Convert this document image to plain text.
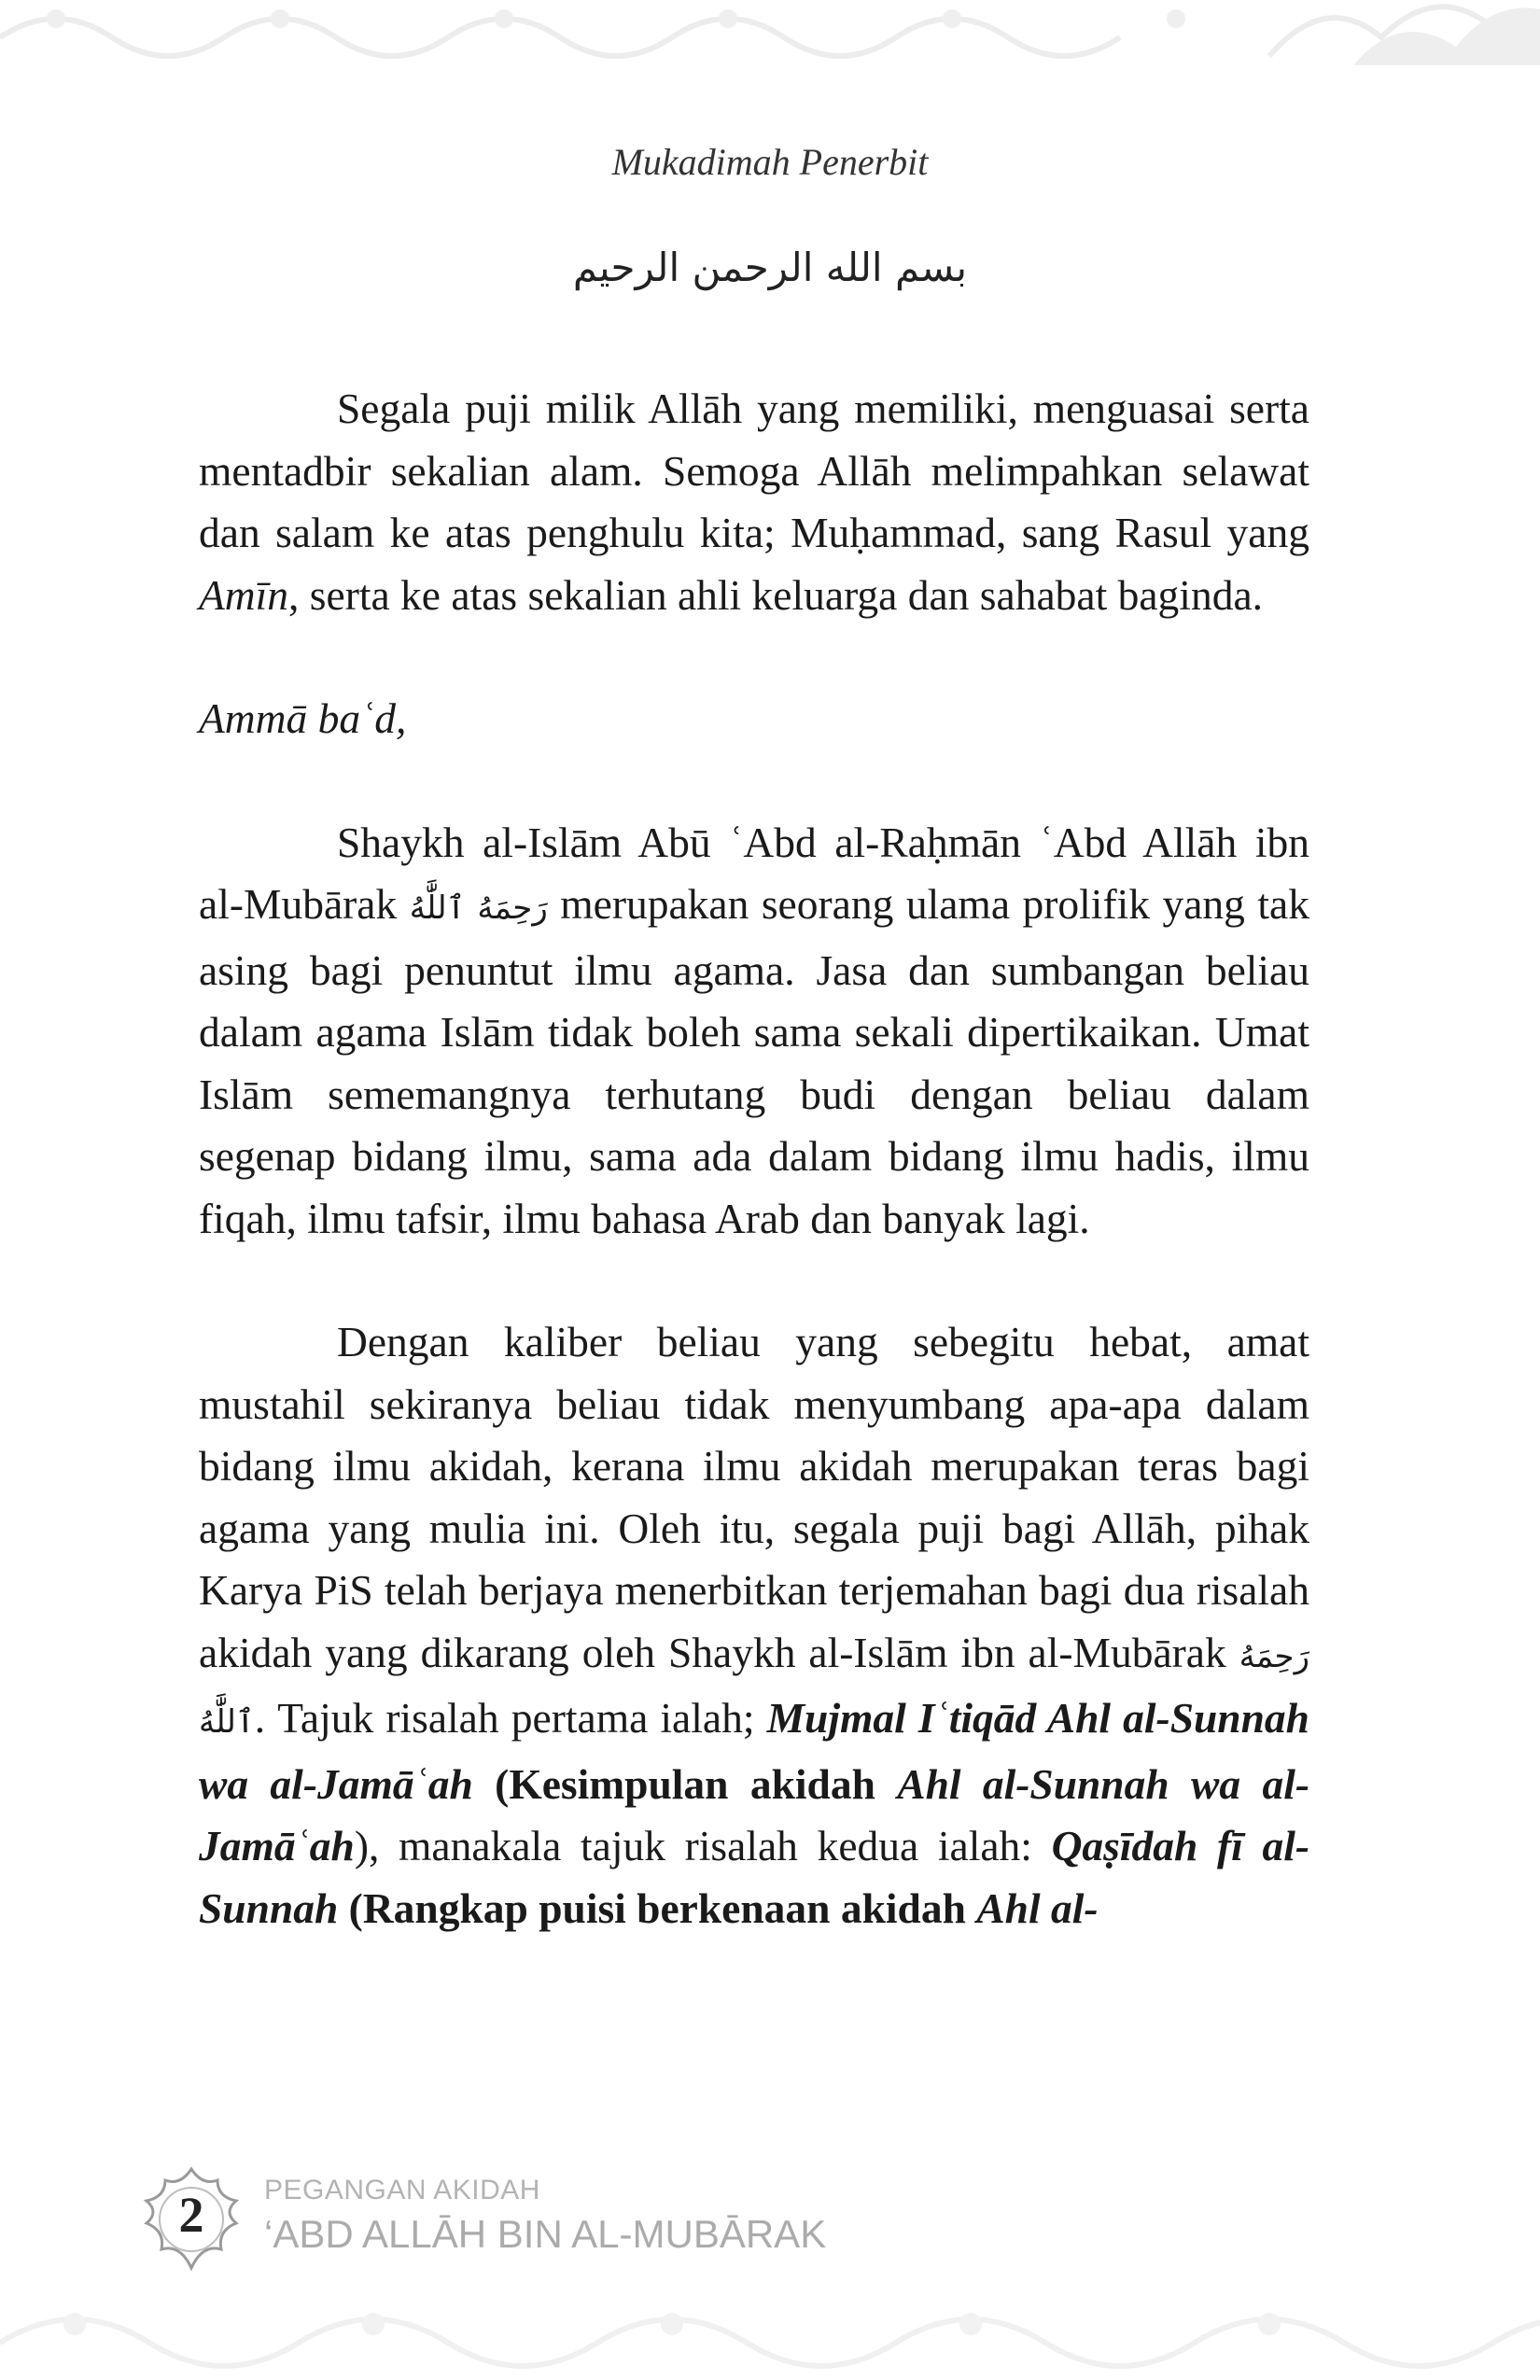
Mukadimah Penerbit
بسم الله الرحمن الرحيم

Segala puji milik Allāh yang memiliki, menguasai serta mentadbir sekalian alam. Semoga Allāh melimpahkan selawat dan salam ke atas penghulu kita; Muḥammad, sang Rasul yang Amīn, serta ke atas sekalian ahli keluarga dan sahabat baginda.

Ammā baʿd,

Shaykh al-Islām Abū ʿAbd al-Raḥmān ʿAbd Allāh ibn al-Mubārak رَحِمَهُ ٱللَّٰهُ merupakan seorang ulama prolifik yang tak asing bagi penuntut ilmu agama. Jasa dan sumbangan beliau dalam agama Islām tidak boleh sama sekali dipertikaikan. Umat Islām sememangnya terhutang budi dengan beliau dalam segenap bidang ilmu, sama ada dalam bidang ilmu hadis, ilmu fiqah, ilmu tafsir, ilmu bahasa Arab dan banyak lagi.

Dengan kaliber beliau yang sebegitu hebat, amat mustahil sekiranya beliau tidak menyumbang apa-apa dalam bidang ilmu akidah, kerana ilmu akidah merupakan teras bagi agama yang mulia ini. Oleh itu, segala puji bagi Allāh, pihak Karya PiS telah berjaya menerbitkan terjemahan bagi dua risalah akidah yang dikarang oleh Shaykh al-Islām ibn al-Mubārak رَحِمَهُ ٱللَّٰهُ. Tajuk risalah pertama ialah; Mujmal Iʿtiqād Ahl al-Sunnah wa al-Jamāʿah (Kesimpulan akidah Ahl al-Sunnah wa al-Jamāʿah), manakala tajuk risalah kedua ialah: Qaṣīdah fī al-Sunnah (Rangkap puisi berkenaan akidah Ahl al-

2	PEGANGAN AKIDAH
‘ABD ALLĀH BIN AL-MUBĀRAK
